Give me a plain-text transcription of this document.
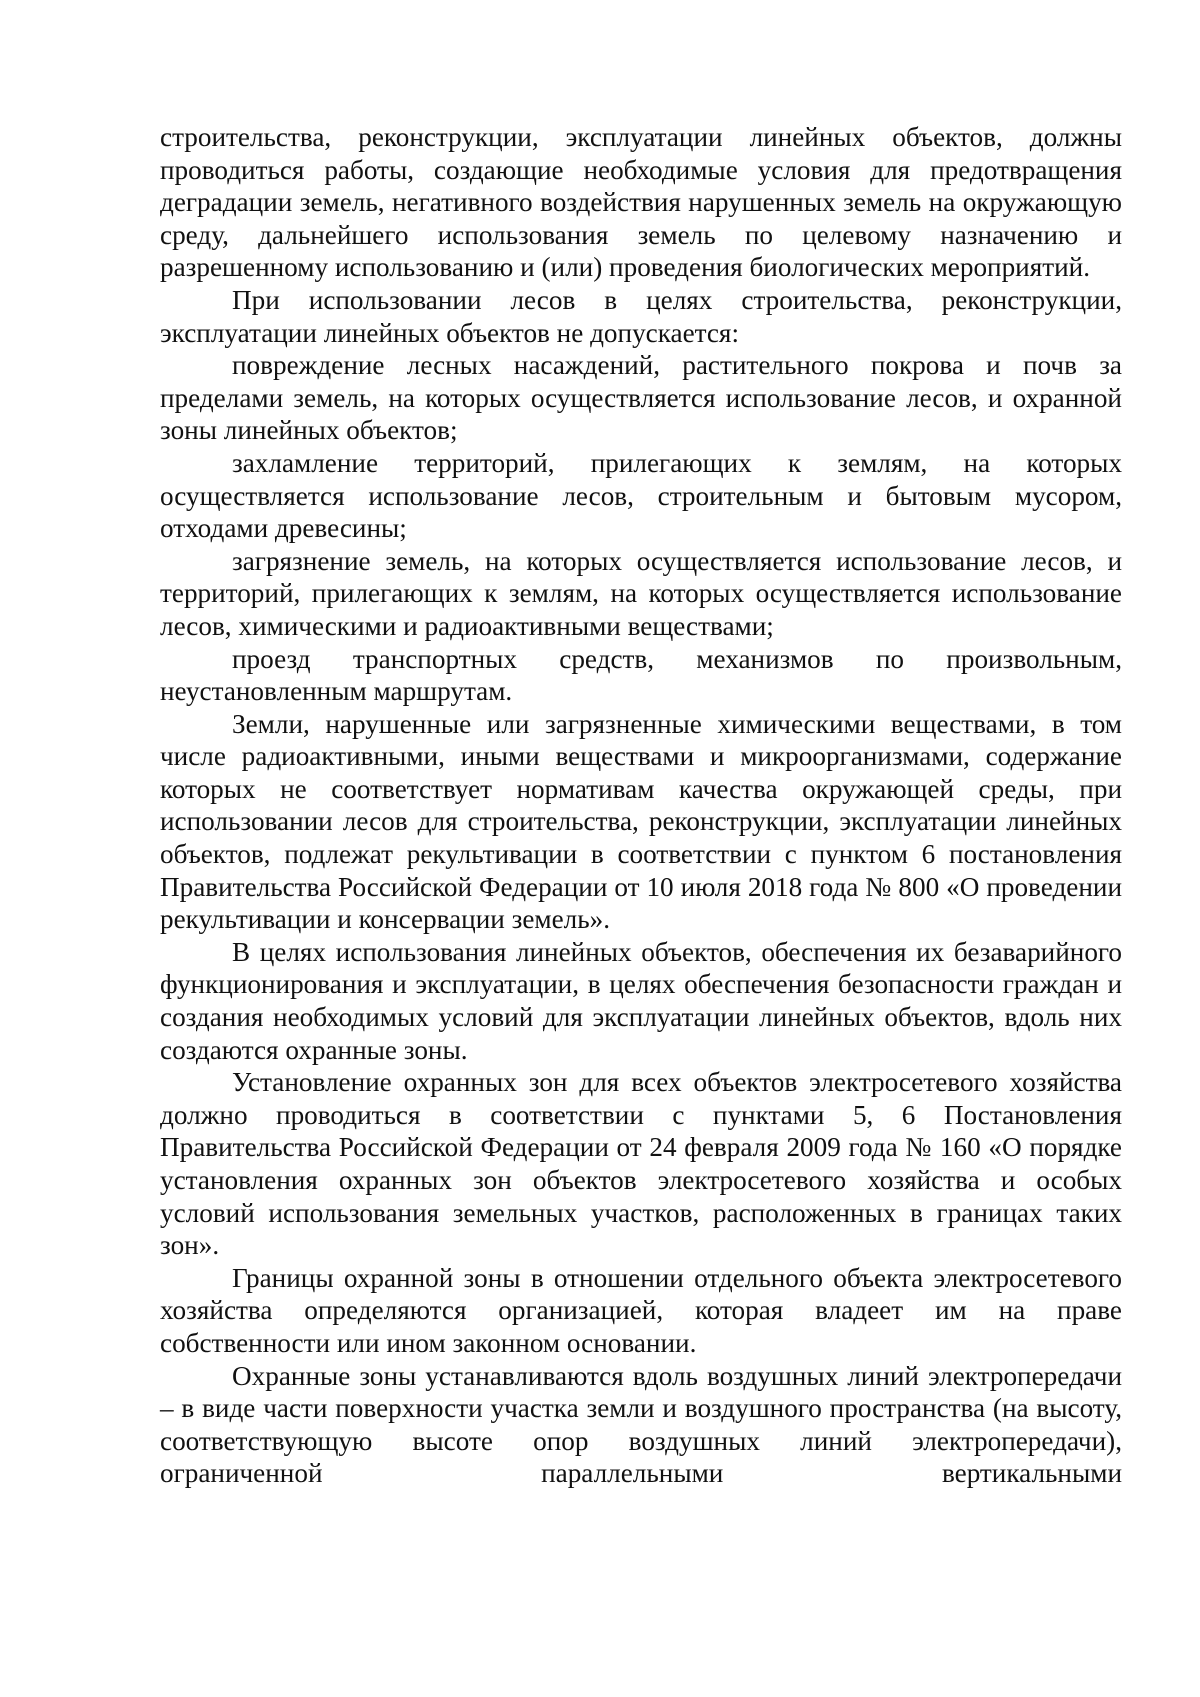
строительства, реконструкции, эксплуатации линейных объектов, должны проводиться работы, создающие необходимые условия для предотвращения деградации земель, негативного воздействия нарушенных земель на окружающую среду, дальнейшего использования земель по целевому назначению и разрешенному использованию и (или) проведения биологических мероприятий.

При использовании лесов в целях строительства, реконструкции, эксплуатации линейных объектов не допускается:

повреждение лесных насаждений, растительного покрова и почв за пределами земель, на которых осуществляется использование лесов, и охранной зоны линейных объектов;

захламление территорий, прилегающих к землям, на которых осуществляется использование лесов, строительным и бытовым мусором, отходами древесины;

загрязнение земель, на которых осуществляется использование лесов, и территорий, прилегающих к землям, на которых осуществляется использование лесов, химическими и радиоактивными веществами;

проезд транспортных средств, механизмов по произвольным, неустановленным маршрутам.

Земли, нарушенные или загрязненные химическими веществами, в том числе радиоактивными, иными веществами и микроорганизмами, содержание которых не соответствует нормативам качества окружающей среды, при использовании лесов для строительства, реконструкции, эксплуатации линейных объектов, подлежат рекультивации в соответствии с пунктом 6 постановления Правительства Российской Федерации от 10 июля 2018 года № 800 «О проведении рекультивации и консервации земель».

В целях использования линейных объектов, обеспечения их безаварийного функционирования и эксплуатации, в целях обеспечения безопасности граждан и создания необходимых условий для эксплуатации линейных объектов, вдоль них создаются охранные зоны.

Установление охранных зон для всех объектов электросетевого хозяйства должно проводиться в соответствии с пунктами 5, 6 Постановления Правительства Российской Федерации от 24 февраля 2009 года № 160 «О порядке установления охранных зон объектов электросетевого хозяйства и особых условий использования земельных участков, расположенных в границах таких зон».

Границы охранной зоны в отношении отдельного объекта электросетевого хозяйства определяются организацией, которая владеет им на праве собственности или ином законном основании.

Охранные зоны устанавливаются вдоль воздушных линий электропередачи – в виде части поверхности участка земли и воздушного пространства (на высоту, соответствующую высоте опор воздушных линий электропередачи), ограниченной параллельными вертикальными
